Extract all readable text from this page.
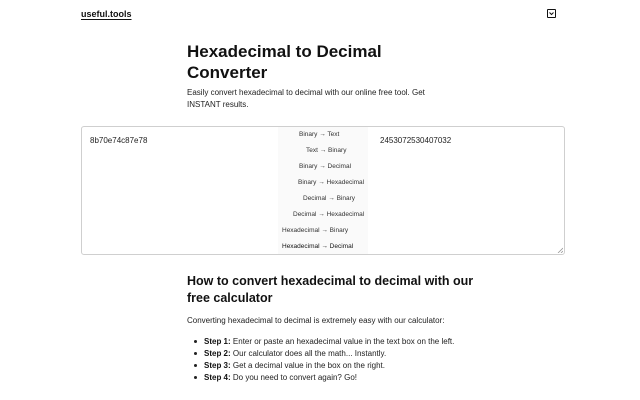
useful.tools
Hexadecimal to Decimal Converter

Easily convert hexadecimal to decimal with our online free tool. Get INSTANT results.

8b70e74c87e78
Binary → Text
Text → Binary
Binary → Decimal
Binary → Hexadecimal
Decimal → Binary
Decimal → Hexadecimal
Hexadecimal → Binary
Hexadecimal → Decimal
2453072530407032
How to convert hexadecimal to decimal with our free calculator

Converting hexadecimal to decimal is extremely easy with our calculator:

Step 1: Enter or paste an hexadecimal value in the text box on the left.
Step 2: Our calculator does all the math... Instantly.
Step 3: Get a decimal value in the box on the right.
Step 4: Do you need to convert again? Go!
